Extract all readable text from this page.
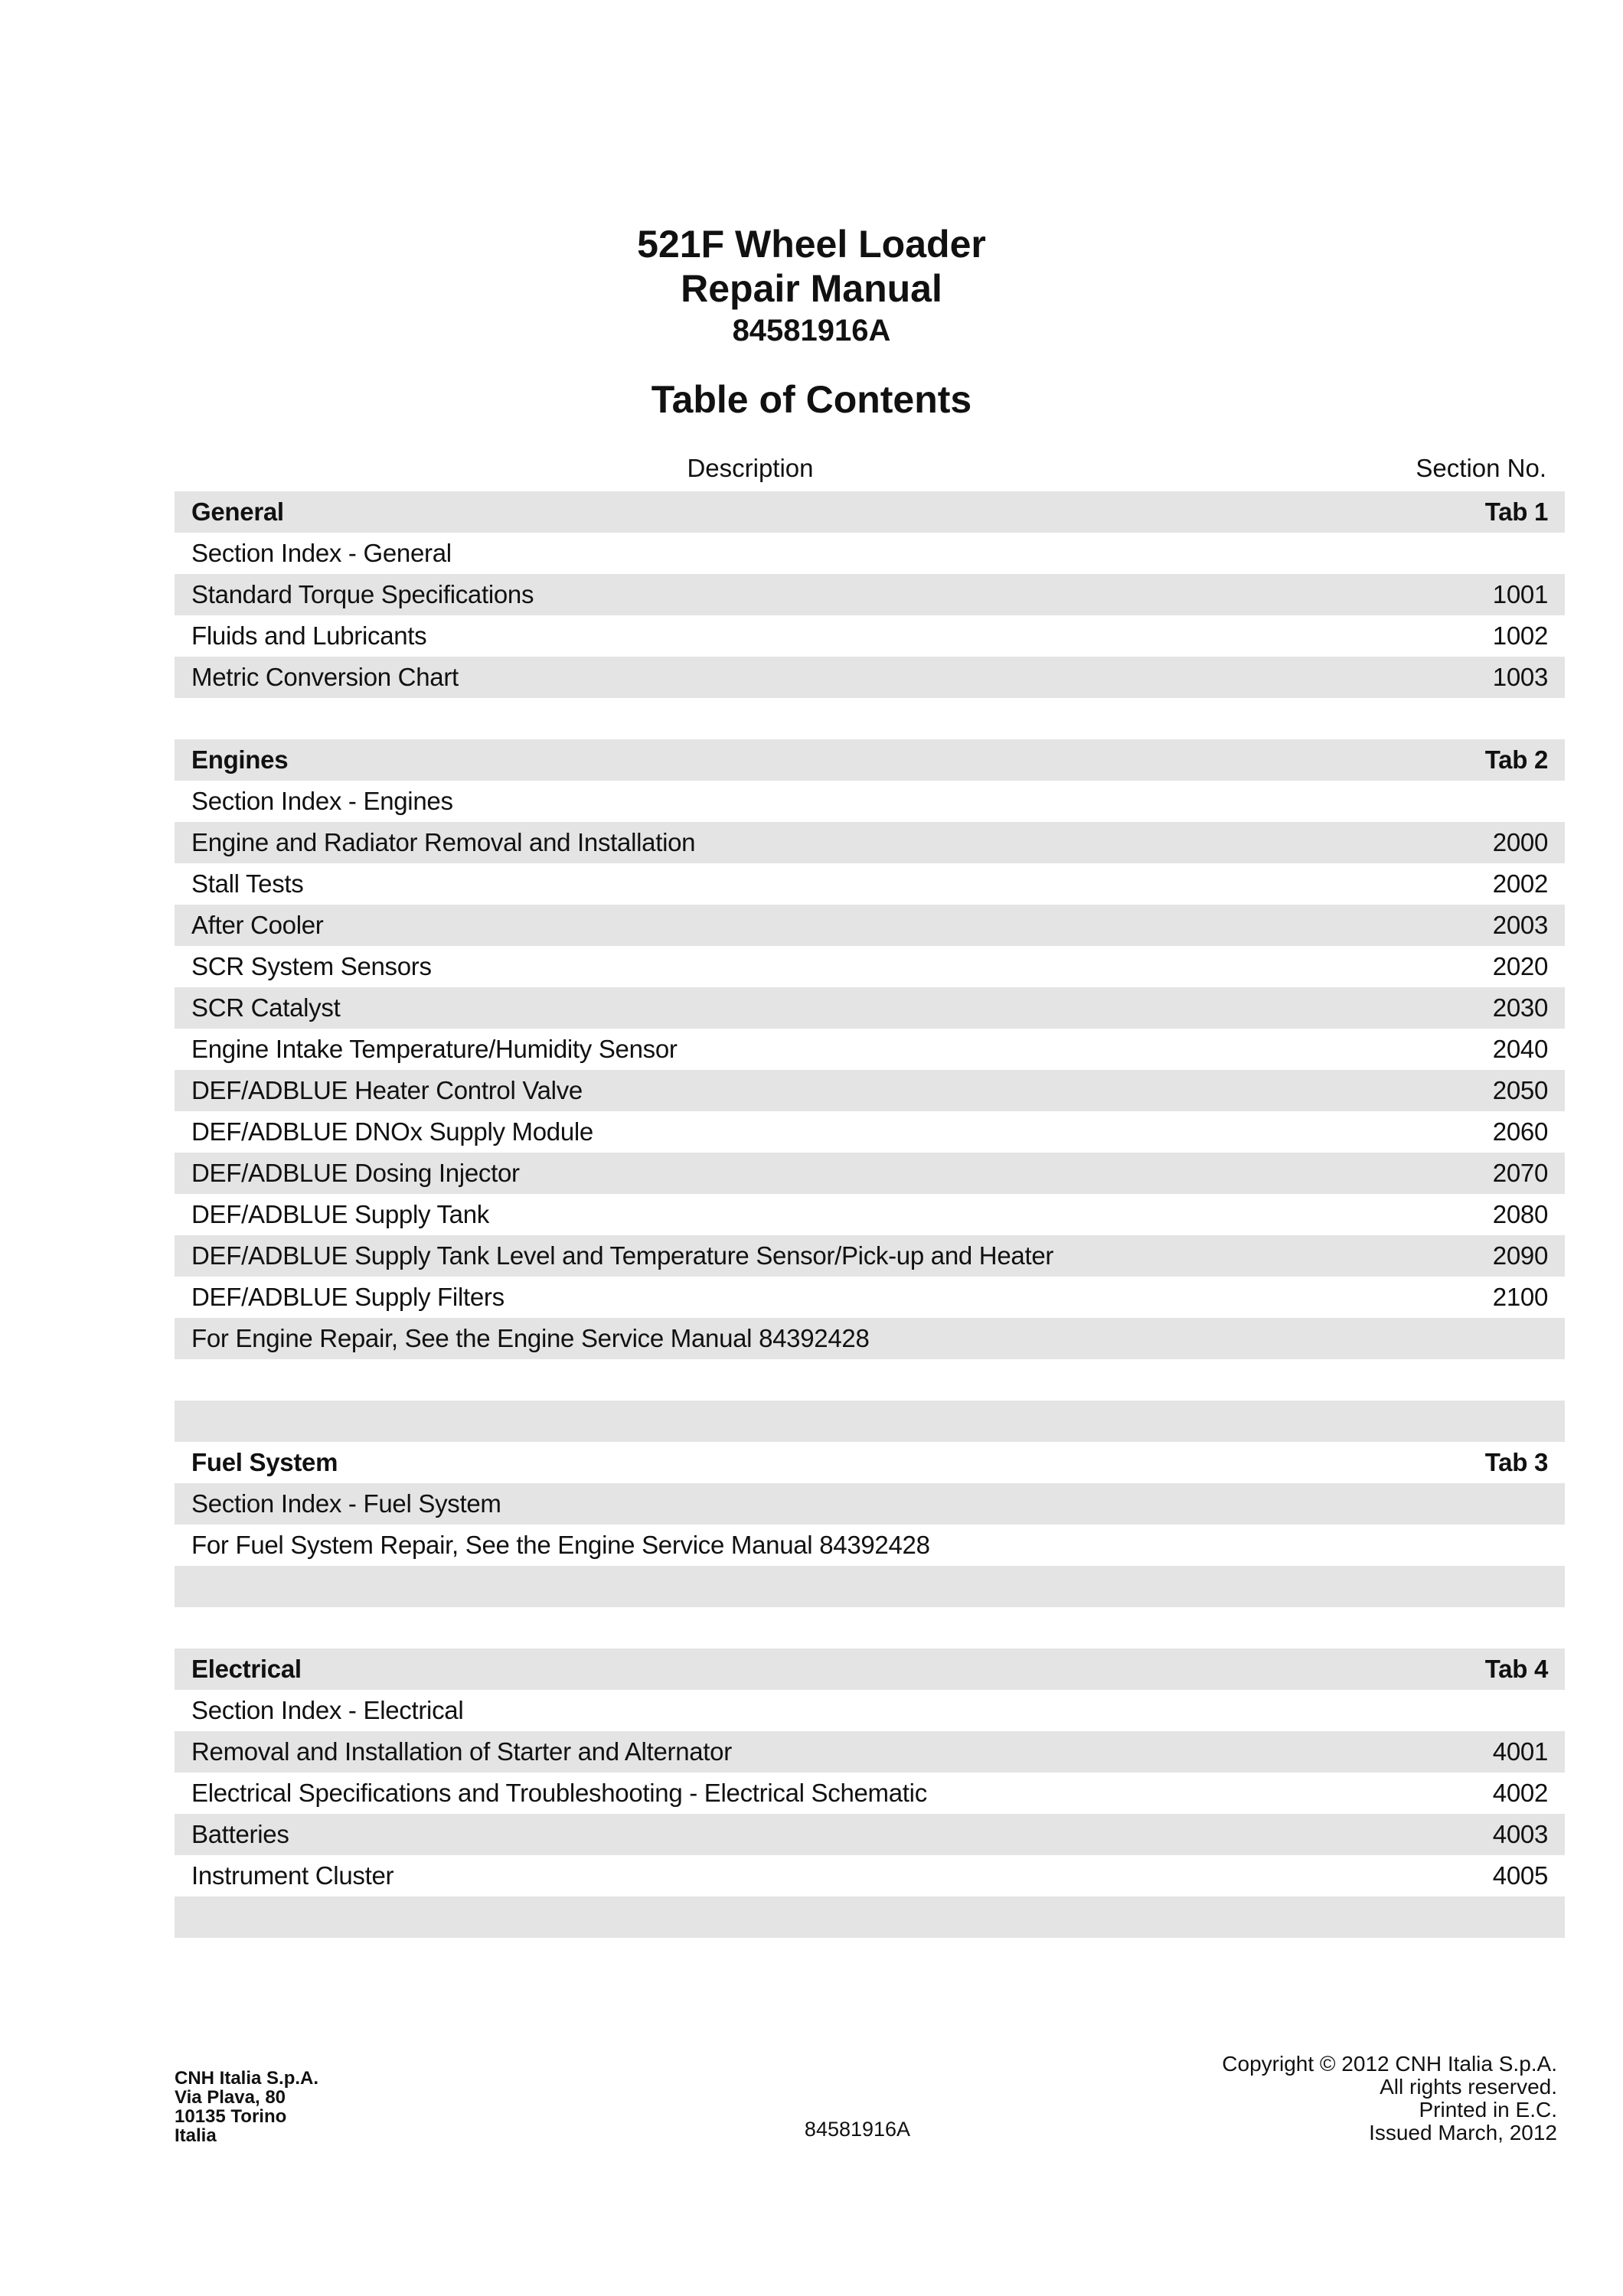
521F Wheel Loader
Repair Manual
84581916A
Table of Contents
Description	Section No.
General	Tab 1
Section Index - General
Standard Torque Specifications	1001
Fluids and Lubricants	1002
Metric Conversion Chart	1003
Engines	Tab 2
Section Index - Engines
Engine and Radiator Removal and Installation	2000
Stall Tests	2002
After Cooler	2003
SCR System Sensors	2020
SCR Catalyst	2030
Engine Intake Temperature/Humidity Sensor	2040
DEF/ADBLUE Heater Control Valve	2050
DEF/ADBLUE DNOx Supply Module	2060
DEF/ADBLUE Dosing Injector	2070
DEF/ADBLUE Supply Tank	2080
DEF/ADBLUE Supply Tank Level and Temperature Sensor/Pick-up and Heater	2090
DEF/ADBLUE Supply Filters	2100
For Engine Repair, See the Engine Service Manual 84392428
Fuel System	Tab 3
Section Index - Fuel System
For Fuel System Repair, See the Engine Service Manual 84392428
Electrical	Tab 4
Section Index - Electrical
Removal and Installation of Starter and Alternator	4001
Electrical Specifications and Troubleshooting - Electrical Schematic	4002
Batteries	4003
Instrument Cluster	4005
CNH Italia S.p.A.
Via Plava, 80
10135 Torino
Italia	84581916A
Copyright © 2012 CNH Italia S.p.A.
All rights reserved.
Printed in E.C.
Issued March, 2012
